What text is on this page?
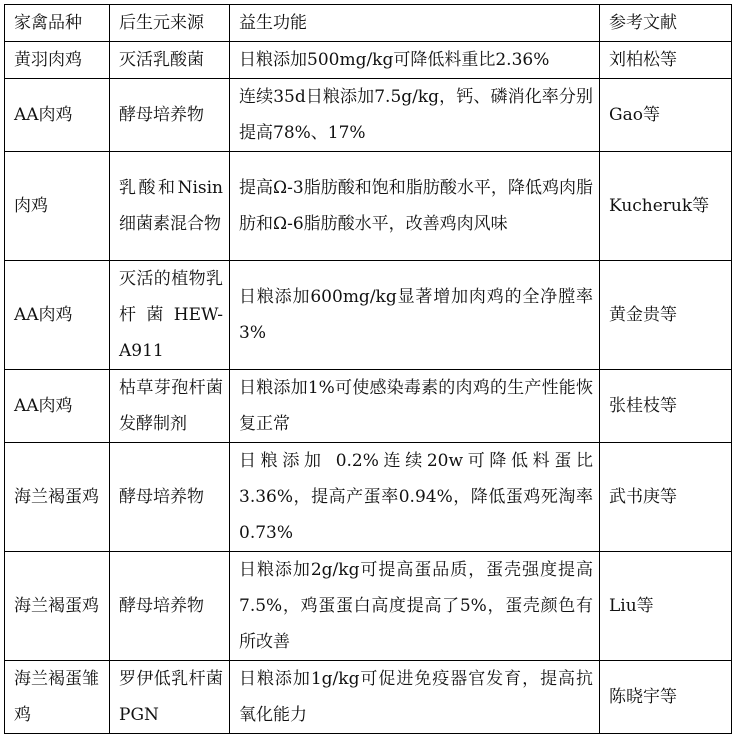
家禽品种	后生元来源	益生功能	参考文献
黄羽肉鸡	灭活乳酸菌	日粮添加500mg/kg可降低料重比2.36%	刘柏松等
AA肉鸡	酵母培养物	连续35d日粮添加7.5g/kg，钙、磷消化率分别提高78%、17%	Gao等
肉鸡	乳酸和Nisin细菌素混合物	提高Ω-3脂肪酸和饱和脂肪酸水平，降低鸡肉脂肪和Ω-6脂肪酸水平，改善鸡肉风味	Kucheruk等
AA肉鸡	灭活的植物乳杆菌HEW-A911	日粮添加600mg/kg显著增加肉鸡的全净膛率3%	黄金贵等
AA肉鸡	枯草芽孢杆菌发酵制剂	日粮添加1%可使感染毒素的肉鸡的生产性能恢复正常	张桂枝等
海兰褐蛋鸡	酵母培养物	日粮添加 0.2%连续20w可降低料蛋比3.36%，提高产蛋率0.94%，降低蛋鸡死淘率0.73%	武书庚等
海兰褐蛋鸡	酵母培养物	日粮添加2g/kg可提高蛋品质，蛋壳强度提高7.5%，鸡蛋蛋白高度提高了5%，蛋壳颜色有所改善	Liu等
海兰褐蛋雏鸡	罗伊低乳杆菌PGN	日粮添加1g/kg可促进免疫器官发育，提高抗氧化能力	陈晓宇等
